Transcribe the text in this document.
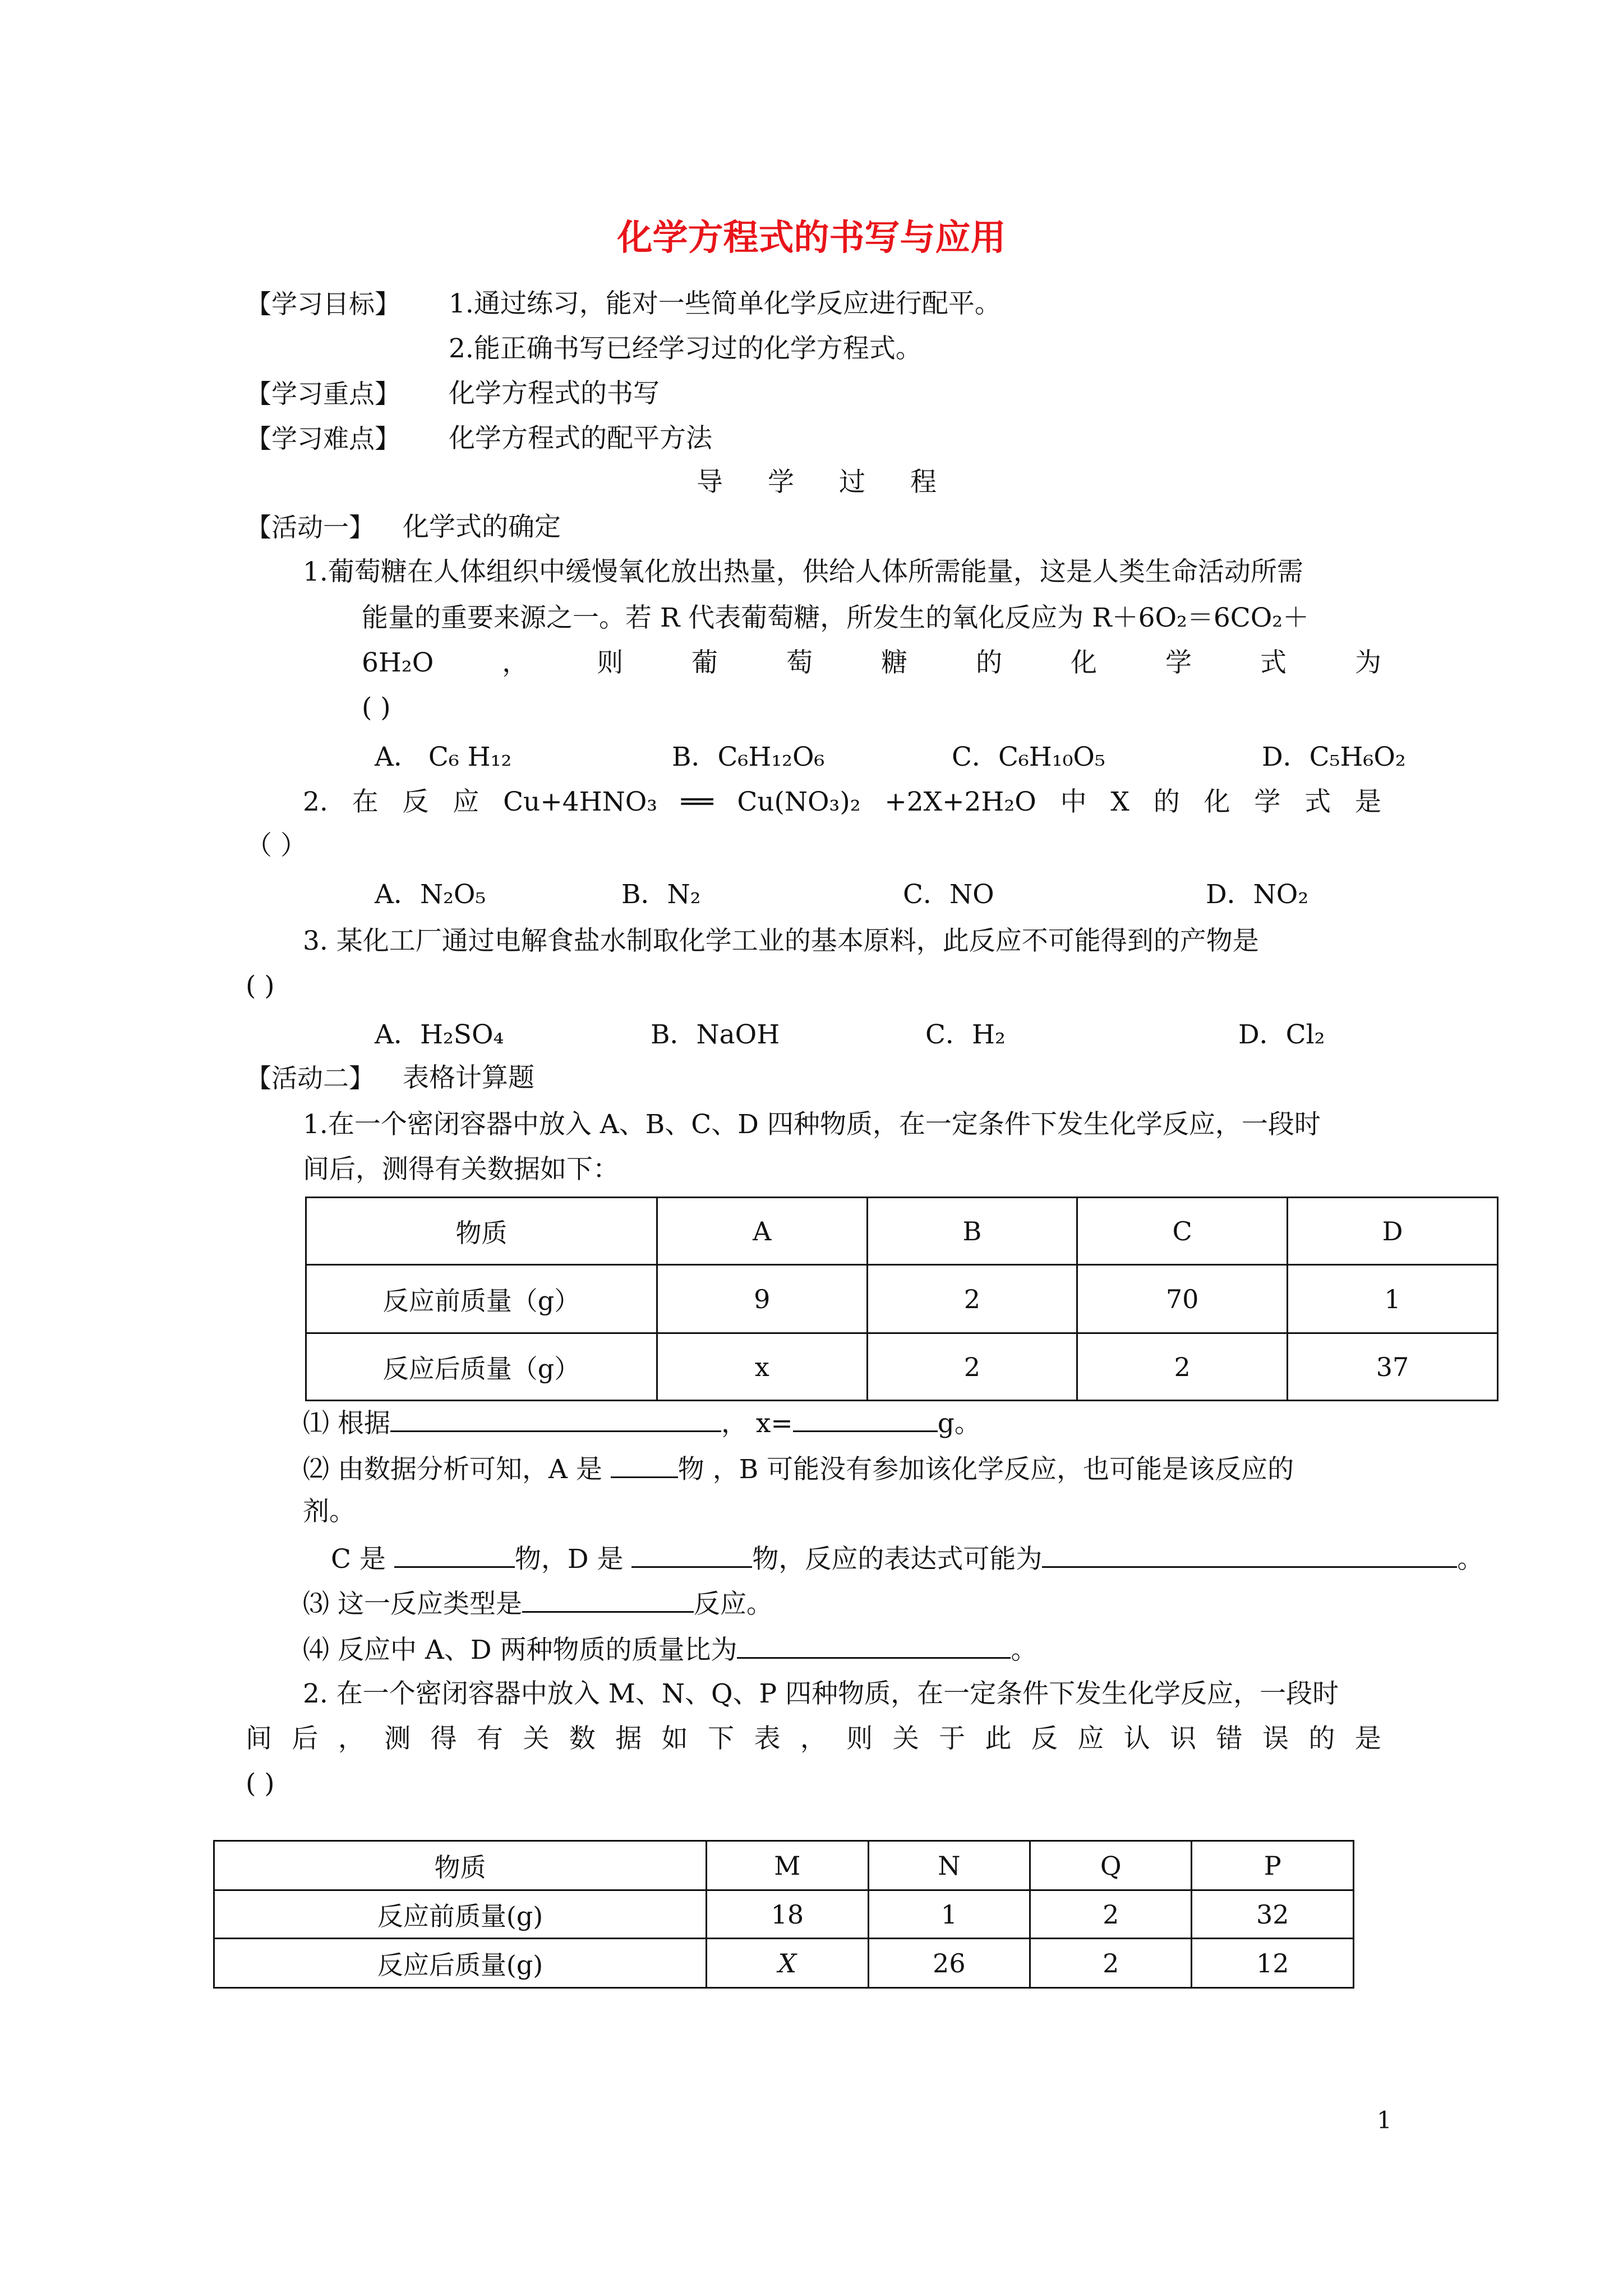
化学方程式的书写与应用
【学习目标】 1.通过练习，能对一些简单化学反应进行配平。
2.能正确书写已经学习过的化学方程式。
【学习重点】 化学方程式的书写
【学习难点】 化学方程式的配平方法
导 学 过 程
【活动一】 化学式的确定
1.葡萄糖在人体组织中缓慢氧化放出热量，供给人体所需能量，这是人类生命活动所需
能量的重要来源之一。若 R 代表葡萄糖，所发生的氧化反应为 R＋6O₂＝6CO₂＋
6H₂O	，	则	葡	萄	糖	的	化	学	式	为
( )
A． C₆ H₁₂	B．C₆H₁₂O₆	C．C₆H₁₀O₅	D．C₅H₆O₂
2. 在 反 应 Cu+4HNO₃ ══ Cu(NO₃)₂ +2X+2H₂O 中 X 的 化 学 式 是
（ ）
A．N₂O₅	B．N₂	C．NO	D．NO₂
3. 某化工厂通过电解食盐水制取化学工业的基本原料，此反应不可能得到的产物是
( )
A．H₂SO₄	B．NaOH	C．H₂	D．Cl₂
【活动二】 表格计算题
1.在一个密闭容器中放入 A、B、C、D 四种物质，在一定条件下发生化学反应，一段时
间后，测得有关数据如下：
物质	A	B	C	D
反应前质量（g）	9	2	70	1
反应后质量（g）	x	2	2	37
⑴ 根据	， x=	g。
⑵ 由数据分析可知，A 是	物 ，B 可能没有参加该化学反应，也可能是该反应的
剂。
C 是	物，D 是	物，反应的表达式可能为	。
⑶ 这一反应类型是	反应。
⑷ 反应中 A、D 两种物质的质量比为	。
2. 在一个密闭容器中放入 M、N、Q、P 四种物质，在一定条件下发生化学反应，一段时
间 后 ， 测 得 有 关 数 据 如 下 表 ， 则 关 于 此 反 应 认 识 错 误 的 是
( )
物质	M	N	Q	P
反应前质量(g)	18	1	2	32
反应后质量(g)	X	26	2	12
1
